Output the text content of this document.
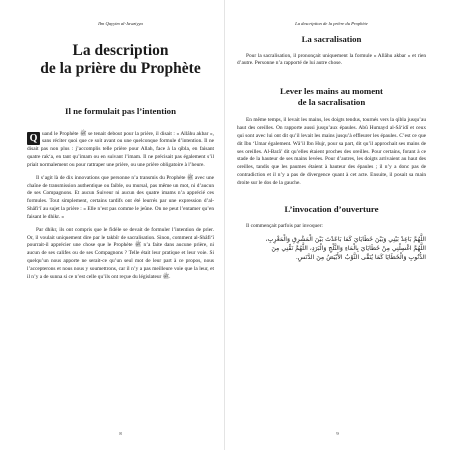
Ibn Qayyim al-Jawziyya
La description
de la prière du Prophète
Il ne formulait pas l’intention

Q uand le Prophète ﷺ se tenait debout pour la prière, il disait : « Allâhu akbar », sans réciter quoi que ce soit avant ou une quelconque formule d’intention. Il ne disait pas non plus : j’accomplis telle prière pour Allah, face à la qibla, en faisant quatre rak‘a, en tant qu’imam ou en suivant l’imam. Il ne précisait pas également s’il priait normalement ou pour rattraper une prière, ou une prière obligatoire à l’heure.

Il s’agit là de dix innovations que personne n’a transmis du Prophète ﷺ avec une chaîne de transmission authentique ou faible, ou mursal, pas même un mot, ni d’aucun de ses Compagnons. Et aucun Suiveur ni aucun des quatre imams n’a apprécié ces formules. Tout simplement, certains tardifs ont été leurrés par une expression d’al-Shâfi‘î au sujet la prière : « Elle n’est pas comme le jeûne. On ne peut l’entamer qu’en faisant le dhikr. »

Par dhikr, ils ont compris que le fidèle se devait de formuler l’intention de prier. Or, il voulait uniquement dire par le takbîr de sacralisation. Sinon, comment al-Shâfi‘î pourrait-il apprécier une chose que le Prophète ﷺ n’a faite dans aucune prière, ni aucun de ses califes ou de ses Compagnons ? Telle était leur pratique et leur voie. Si quelqu’un nous apporte ne serait-ce qu’un seul mot de leur part à ce propos, nous l’accepterons et nous nous y soumettrons, car il n’y a pas meilleure voie que la leur, et il n’y a de sunna si ce n’est celle qu’ils ont reçue du législateur ﷺ.

8
La description de la prière du Prophète
La sacralisation

Pour la sacralisation, il prononçait uniquement la formule « Allâhu akbar » et rien d’autre. Personne n’a rapporté de lui autre chose.

Lever les mains au moment
de la sacralisation

En même temps, il levait les mains, les doigts tendus, tournés vers la qibla jusqu’au haut des oreilles. On rapporte aussi jusqu’aux épaules. Abû Humayd al-Sâ‘idî et ceux qui sont avec lui ont dit qu’il levait les mains jusqu’à effleurer les épaules. C’est ce que dit Ibn ‘Umar également. Wâ’il Ibn Hujr, pour sa part, dit qu’il approchait ses mains de ses oreilles. Al-Barâ’ dit qu’elles étaient proches des oreilles. Pour certains, forant à ce stade de la hauteur de ses mains levées. Pour d’autres, les doigts arrivaient au haut des oreilles, tandis que les paumes étaient à hauteur des épaules ; il n’y a donc pas de contradiction et il n’y a pas de divergence quant à cet acte. Ensuite, il posait sa main droite sur le dos de la gauche.

L’invocation d’ouverture

Il commençait parfois par invoquer:

اللَّهُمَّ بَاعِدْ بَيْنِي وَبَيْنَ خَطَايَايَ كَمَا بَاعَدْتَ بَيْنَ الْمَشْرِقِ وَالْمَغْرِبِ،
اللَّهُمَّ اغْسِلْنِي مِنْ خَطَايَايَ بِالْمَاءِ وَالثَّلْجِ وَالْبَرَدِ، اللَّهُمَّ نَقِّنِي مِنَ
الذُّنُوبِ وَالْخَطَايَا كَمَا يُنَقَّى الثَّوْبُ الأَبْيَضُ مِنَ الدَّنَسِ.
9
